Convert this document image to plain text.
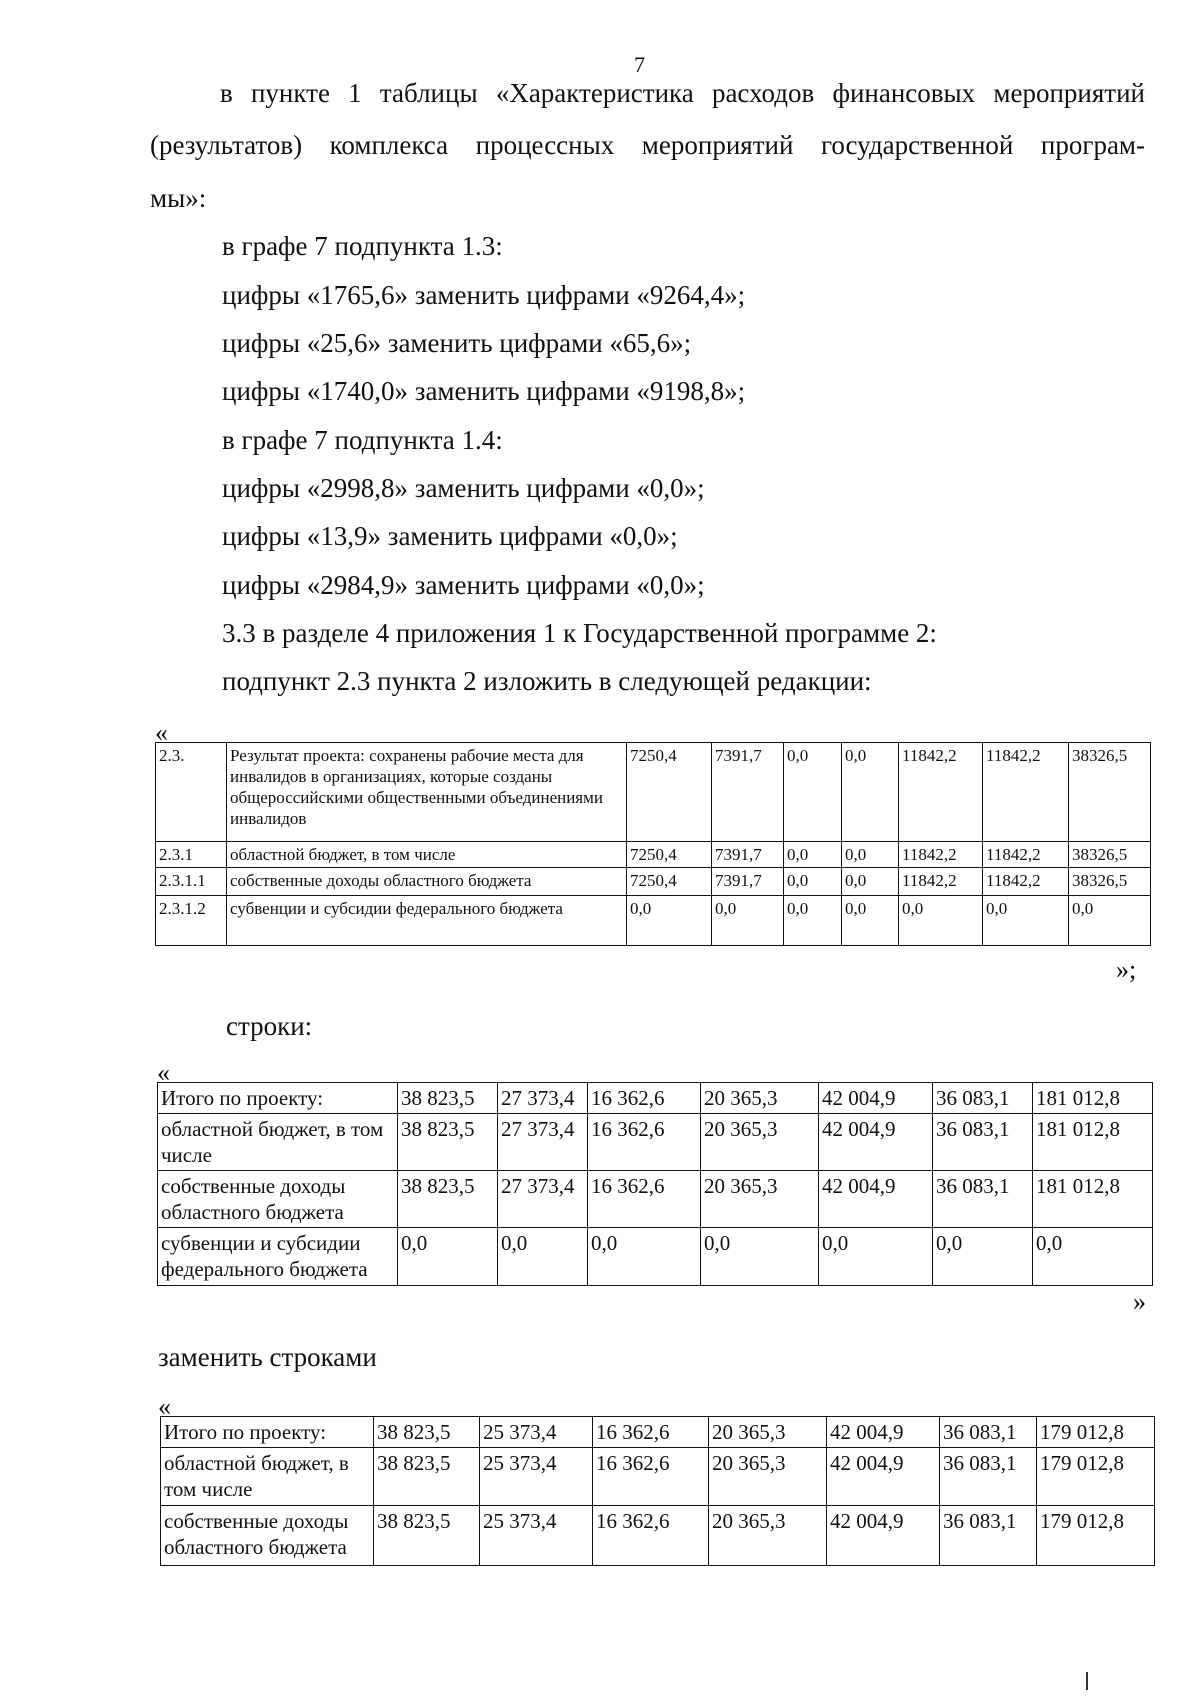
7
в пункте 1 таблицы «Характеристика расходов финансовых мероприятий
(результатов) комплекса процессных мероприятий государственной програм-
мы»:
в графе 7 подпункта 1.3:
цифры «1765,6» заменить цифрами «9264,4»;
цифры «25,6» заменить цифрами «65,6»;
цифры «1740,0» заменить цифрами «9198,8»;
в графе 7 подпункта 1.4:
цифры «2998,8» заменить цифрами «0,0»;
цифры «13,9» заменить цифрами «0,0»;
цифры «2984,9» заменить цифрами «0,0»;
3.3 в разделе 4 приложения 1 к Государственной программе 2:
подпункт 2.3 пункта 2 изложить в следующей редакции:
«
2.3.	Результат проекта: сохранены рабочие места для инвалидов в организациях, которые созданы общероссийскими общественными объединениями инвалидов	7250,4	7391,7	0,0	0,0	11842,2	11842,2	38326,5
2.3.1	областной бюджет, в том числе	7250,4	7391,7	0,0	0,0	11842,2	11842,2	38326,5
2.3.1.1	собственные доходы областного бюджета	7250,4	7391,7	0,0	0,0	11842,2	11842,2	38326,5
2.3.1.2	субвенции и субсидии федерального бюджета	0,0	0,0	0,0	0,0	0,0	0,0	0,0
»;
строки:
«
Итого по проекту:	38 823,5	27 373,4	16 362,6	20 365,3	42 004,9	36 083,1	181 012,8
областной бюджет, в том числе	38 823,5	27 373,4	16 362,6	20 365,3	42 004,9	36 083,1	181 012,8
собственные доходы областного бюджета	38 823,5	27 373,4	16 362,6	20 365,3	42 004,9	36 083,1	181 012,8
субвенции и субсидии федерального бюджета	0,0	0,0	0,0	0,0	0,0	0,0	0,0
»
заменить строками
«
Итого по проекту:	38 823,5	25 373,4	16 362,6	20 365,3	42 004,9	36 083,1	179 012,8
областной бюджет, в том числе	38 823,5	25 373,4	16 362,6	20 365,3	42 004,9	36 083,1	179 012,8
собственные доходы областного бюджета	38 823,5	25 373,4	16 362,6	20 365,3	42 004,9	36 083,1	179 012,8
